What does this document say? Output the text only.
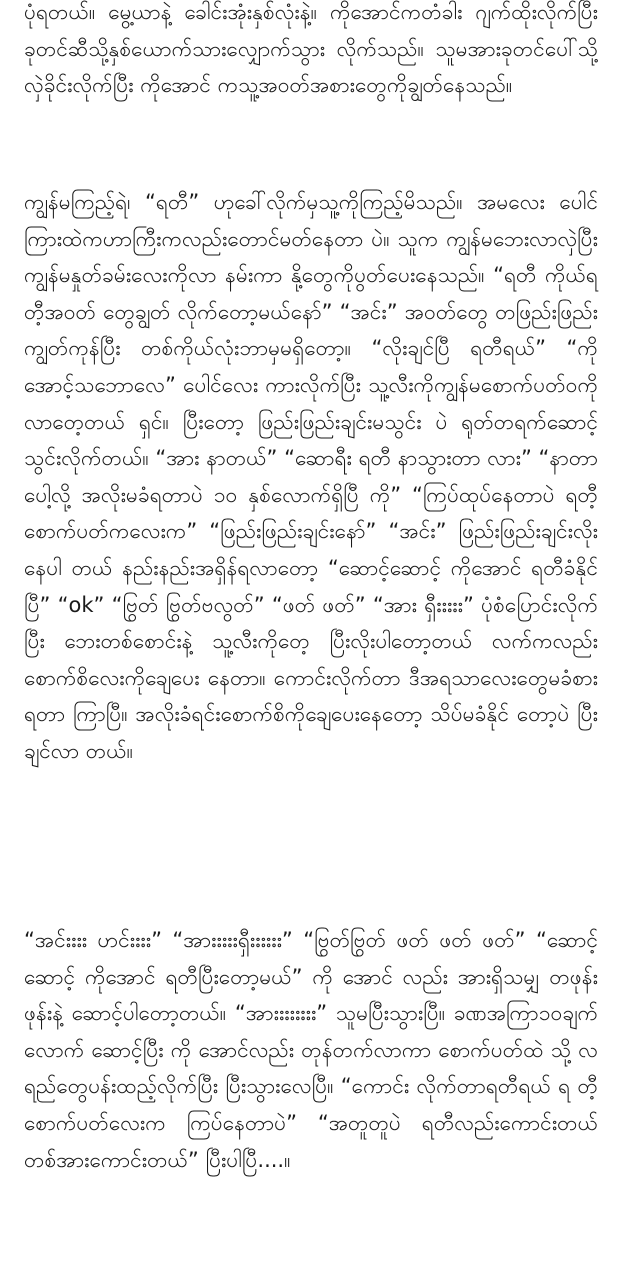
ပုံရတယ်။ မွေ့ယာနဲ့ ခေါင်းအုံးနှစ်လုံးနဲ့။ ကိုအောင်ကတံခါး ဂျက်ထိုးလိုက်ပြီး ခုတင်ဆီသို့နှစ်ယောက်သားလျှောက်သွား လိုက်သည်။ သူမအားခုတင်ပေါ်သို့လှဲခိုင်းလိုက်ပြီး ကိုအောင် ကသူ့အဝတ်အစားတွေကိုချွတ်နေသည်။

ကျွန်မကြည့်ရဲ၊ “ရတီ” ဟုခေါ်လိုက်မှသူ့ကိုကြည့်မိသည်။ အမလေး ပေါင်ကြားထဲကဟာကြီးကလည်းတောင်မတ်နေတာ ပဲ။ သူက ကျွန်မဘေးလာလှဲပြီး ကျွန်မနှုတ်ခမ်းလေးကိုလာ နမ်းကာ နို့တွေကိုပွတ်ပေးနေသည်။ “ရတီ ကိုယ်ရတီ့အဝတ် တွေချွတ် လိုက်တော့မယ်နော်” “အင်း” အဝတ်တွေ တဖြည်းဖြည်းကျွတ်ကုန်ပြီး တစ်ကိုယ်လုံးဘာမှမရှိတော့။ “လိုးချင်ပြီ ရတီရယ်” “ကို အောင့်သဘောလေ” ပေါင်လေး ကားလိုက်ပြီး သူ့လီးကိုကျွန်မစောက်ပတ်ဝကိုလာတေ့တယ် ရှင်။ ပြီးတော့ ဖြည်းဖြည်းချင်းမသွင်း ပဲ ရုတ်တရက်ဆောင့် သွင်းလိုက်တယ်။ “အား နာတယ်” “ဆောရီး ရတီ နာသွားတာ လား” “နာတာပေါ့လို့ အလိုးမခံရတာပဲ ၁၀ နှစ်လောက်ရှိပြီ ကို” “ကြပ်ထုပ်နေတာပဲ ရတီ့စောက်ပတ်ကလေးက” “ဖြည်းဖြည်းချင်းနော်” “အင်း” ဖြည်းဖြည်းချင်းလိုးနေပါ တယ် နည်းနည်းအရှိန်ရလာတော့ “ဆောင့်ဆောင့် ကိုအောင် ရတီခံနိုင်ပြီ” “ok” “ဗြွတ် ဗြွတ်ဗလွတ်” “ဖတ် ဖတ်” “အား ရှီးးးးး” ပုံစံပြောင်းလိုက်ပြီး ဘေးတစ်စောင်းနဲ့ သူ့လီးကိုတေ့ ပြီးလိုးပါတော့တယ် လက်ကလည်း စောက်စိလေးကိုချေပေး နေတာ။ ကောင်းလိုက်တာ ဒီအရသာလေးတွေမခံစားရတာ ကြာပြီ။ အလိုးခံရင်းစောက်စိကိုချေပေးနေတော့ သိပ်မခံနိုင် တော့ပဲ ပြီးချင်လာ တယ်။

“အင်းးးး ဟင်းးးး” “အားးးးးရှီးးးးးး” “ဗြွတ်ဗြွတ် ဖတ် ဖတ် ဖတ်” “ဆောင့် ဆောင့် ကိုအောင် ရတီပြီးတော့မယ်” ကို အောင် လည်း အားရှိသမျှ တဖုန်းဖုန်းနဲ့ ဆောင့်ပါတော့တယ်။ “အားးးးးးးး” သူမပြီးသွားပြီ။ ခဏအကြာ၁၀ချက်လောက် ဆောင့်ပြီး ကို အောင်လည်း တုန်တက်လာကာ စောက်ပတ်ထဲ သို့ လရည်တွေပန်းထည့်လိုက်ပြီး ပြီးသွားလေပြီ။ “ကောင်း လိုက်တာရတီရယ် ရ တီ့စောက်ပတ်လေးက ကြပ်နေတာပဲ” “အတူတူပဲ ရတီလည်းကောင်းတယ် တစ်အားကောင်းတယ်” ပြီးပါပြီ....။
